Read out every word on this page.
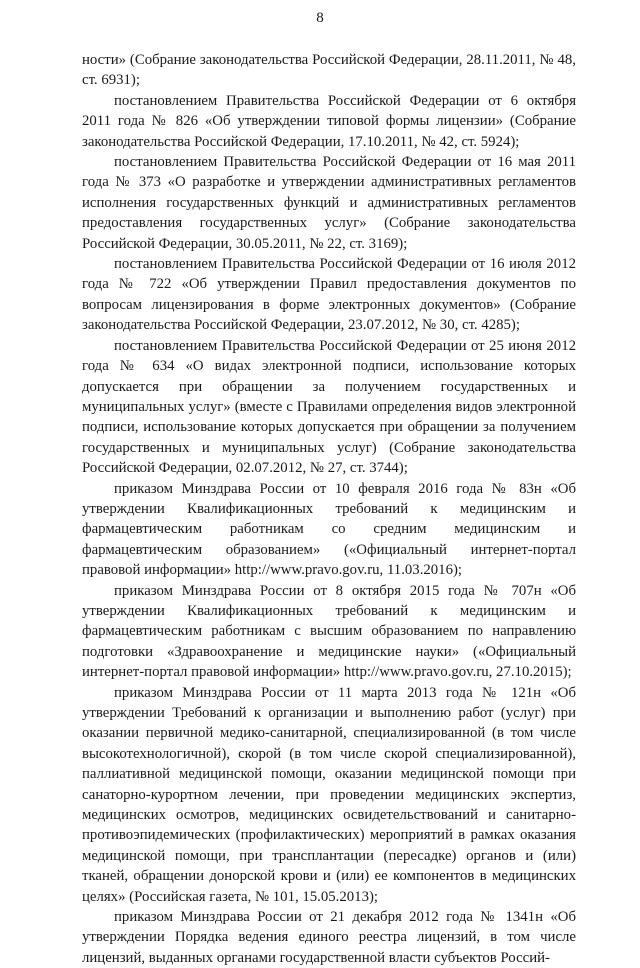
8

ности» (Собрание законодательства Российской Федерации, 28.11.2011, № 48, ст. 6931);

постановлением Правительства Российской Федерации от 6 октября 2011 года № 826 «Об утверждении типовой формы лицензии» (Собрание законодательства Российской Федерации, 17.10.2011, № 42, ст. 5924);

постановлением Правительства Российской Федерации от 16 мая 2011 года № 373 «О разработке и утверждении административных регламентов исполнения государственных функций и административных регламентов предоставления государственных услуг» (Собрание законодательства Российской Федерации, 30.05.2011, № 22, ст. 3169);

постановлением Правительства Российской Федерации от 16 июля 2012 года № 722 «Об утверждении Правил предоставления документов по вопросам лицензирования в форме электронных документов» (Собрание законодательства Российской Федерации, 23.07.2012, № 30, ст. 4285);

постановлением Правительства Российской Федерации от 25 июня 2012 года № 634 «О видах электронной подписи, использование которых допускается при обращении за получением государственных и муниципальных услуг» (вместе с Правилами определения видов электронной подписи, использование которых допускается при обращении за получением государственных и муниципальных услуг) (Собрание законодательства Российской Федерации, 02.07.2012, № 27, ст. 3744);

приказом Минздрава России от 10 февраля 2016 года № 83н «Об утверждении Квалификационных требований к медицинским и фармацевтическим работникам со средним медицинским и фармацевтическим образованием» («Официальный интернет-портал правовой информации» http://www.pravo.gov.ru, 11.03.2016);

приказом Минздрава России от 8 октября 2015 года № 707н «Об утверждении Квалификационных требований к медицинским и фармацевтическим работникам с высшим образованием по направлению подготовки «Здравоохранение и медицинские науки» («Официальный интернет-портал правовой информации» http://www.pravo.gov.ru, 27.10.2015);

приказом Минздрава России от 11 марта 2013 года № 121н «Об утверждении Требований к организации и выполнению работ (услуг) при оказании первичной медико-санитарной, специализированной (в том числе высокотехнологичной), скорой (в том числе скорой специализированной), паллиативной медицинской помощи, оказании медицинской помощи при санаторно-курортном лечении, при проведении медицинских экспертиз, медицинских осмотров, медицинских освидетельствований и санитарно-противоэпидемических (профилактических) мероприятий в рамках оказания медицинской помощи, при трансплантации (пересадке) органов и (или) тканей, обращении донорской крови и (или) ее компонентов в медицинских целях» (Российская газета, № 101, 15.05.2013);

приказом Минздрава России от 21 декабря 2012 года № 1341н «Об утверждении Порядка ведения единого реестра лицензий, в том числе лицензий, выданных органами государственной власти субъектов Россий-
